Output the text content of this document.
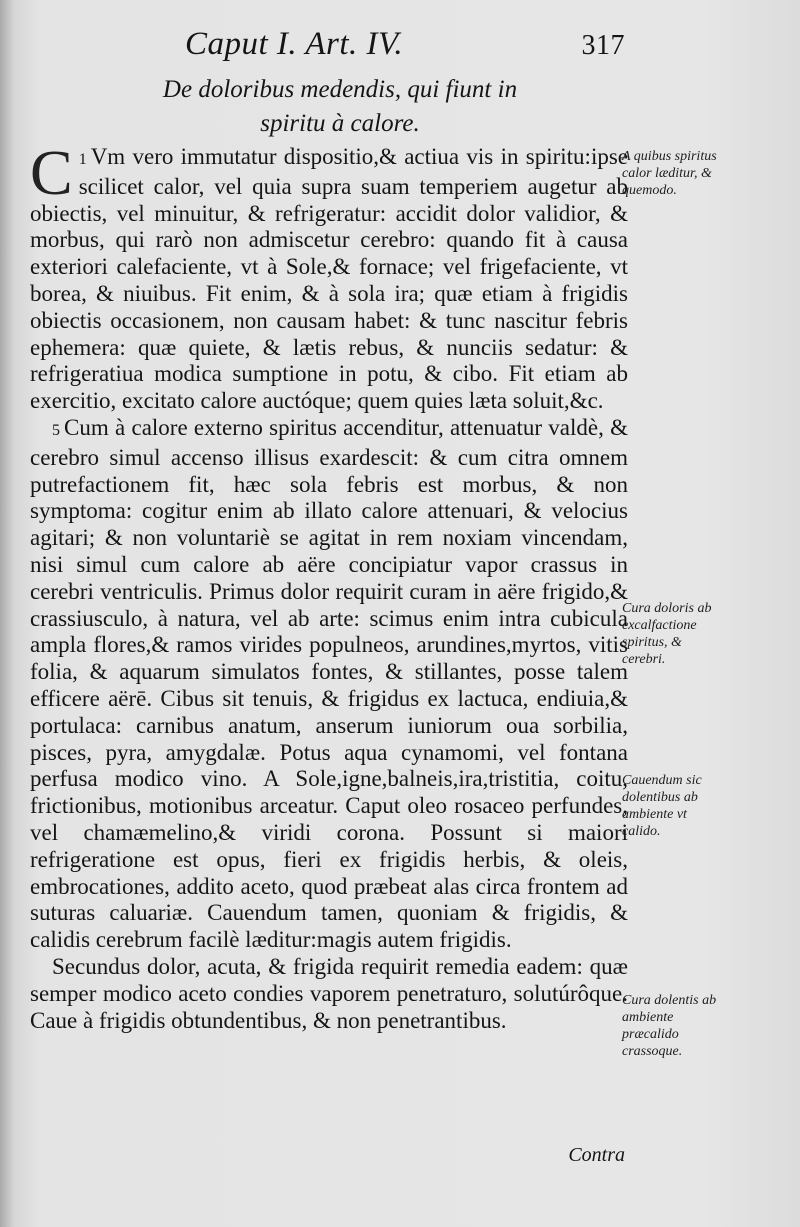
Caput I. Art. IV.	317
De doloribus medendis, qui fiunt in
spiritu à calore.

1
C Vm vero immutatur dispositio,& actiua vis in spiritu:ipse scilicet calor, vel quia supra suam temperiem augetur ab obiectis, vel minuitur, & refrigeratur: accidit dolor validior, & morbus, qui rarò non admiscetur cerebro: quando fit à causa exteriori calefaciente, vt à Sole,& fornace; vel frigefaciente, vt borea, & niuibus. Fit enim, & à sola ira; quæ etiam à frigidis obiectis occasionem, non causam habet: & tunc nascitur febris ephemera: quæ quiete, & lætis rebus, & nunciis sedatur: & refrigeratiua modica sumptione in potu, & cibo. Fit etiam ab exercitio, excitato calore auctóque; quem quies læta soluit,&c.

5 Cum à calore externo spiritus accenditur, attenuatur valdè, & cerebro simul accenso illisus exardescit: & cum citra omnem putrefactionem fit, hæc sola febris est morbus, & non symptoma: cogitur enim ab illato calore attenuari, & velocius agitari; & non voluntariè se agitat in rem noxiam vincendam, nisi simul cum calore ab aëre concipiatur vapor crassus in cerebri ventriculis. Primus dolor requirit curam in aëre frigido,& crassiusculo, à natura, vel ab arte: scimus enim intra cubicula ampla flores,& ramos virides populneos, arundines,myrtos, vitis folia, & aquarum simulatos fontes, & stillantes, posse talem efficere aërē. Cibus sit tenuis, & frigidus ex lactuca, endiuia,& portulaca: carnibus anatum, anserum iuniorum oua sorbilia, pisces, pyra, amygdalæ. Potus aqua cynamomi, vel fontana perfusa modico vino. A Sole,igne,balneis,ira,tristitia, coitu, frictionibus, motionibus arceatur. Caput oleo rosaceo perfundes, vel chamæmelino,& viridi corona. Possunt si maiori refrigeratione est opus, fieri ex frigidis herbis, & oleis, embrocationes, addito aceto, quod præbeat alas circa frontem ad suturas caluariæ. Cauendum tamen, quoniam & frigidis, & calidis cerebrum facilè læditur:magis autem frigidis.

Secundus dolor, acuta, & frigida requirit remedia eadem: quæ semper modico aceto condies vaporem penetraturo, solutúrôque. Caue à frigidis obtundentibus, & non penetrantibus.

A quibus spiritus calor læditur, & quemodo.
Cura doloris ab excalfactione spiritus, & cerebri.
Cauendum sic dolentibus ab ambiente vt calido.
Cura dolentis ab ambiente præcalido crassoque.
Contra
